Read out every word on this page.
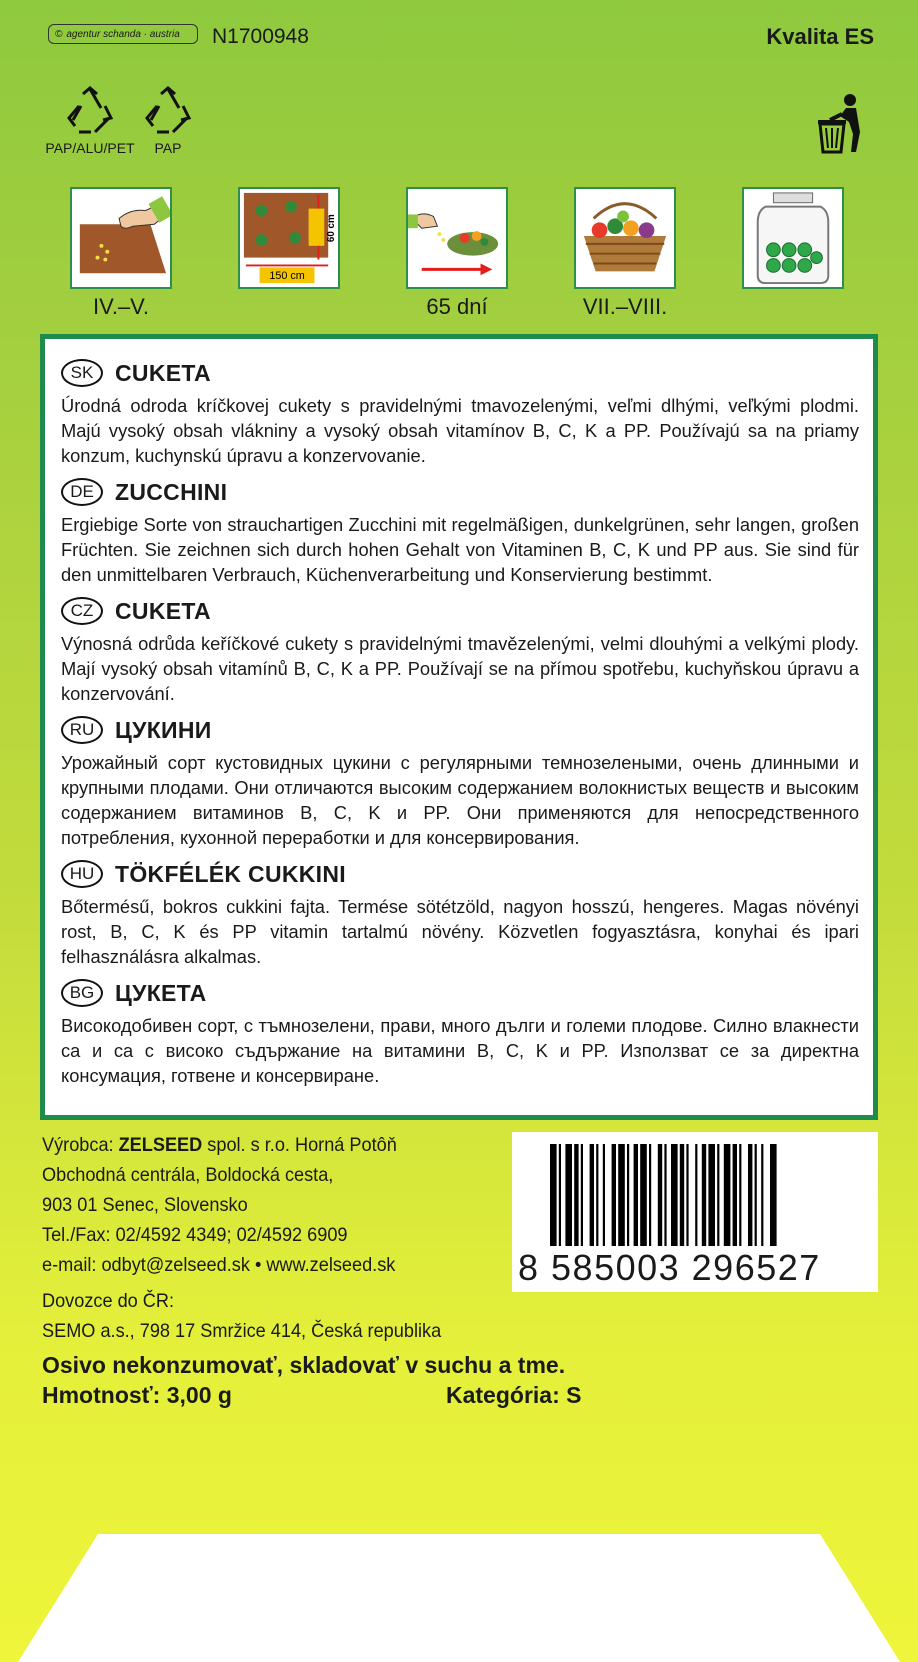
© agentur schanda · austria N1700948	Kvalita ES
PAP/ALU/PET	PAP
60 cm
150 cm
IV.–V.	65 dní	VII.–VIII.
SK CUKETA

Úrodná odroda kríčkovej cukety s pravidelnými tmavozelenými, veľmi dlhými, veľkými plodmi. Majú vysoký obsah vlákniny a vysoký obsah vitamínov B, C, K a PP. Používajú sa na priamy konzum, kuchynskú úpravu a konzervovanie.

DE ZUCCHINI

Ergiebige Sorte von strauchartigen Zucchini mit regelmäßigen, dunkelgrünen, sehr langen, großen Früchten. Sie zeichnen sich durch hohen Gehalt von Vitaminen B, C, K und PP aus. Sie sind für den unmittelbaren Verbrauch, Küchenverarbeitung und Konservierung bestimmt.

CZ CUKETA

Výnosná odrůda keříčkové cukety s pravidelnými tmavězelenými, velmi dlouhými a velkými plody. Mají vysoký obsah vitamínů B, C, K a PP. Používají se na přímou spotřebu, kuchyňskou úpravu a konzervování.

RU ЦУКИНИ

Урожайный сорт кустовидных цукини с регулярными темнозелеными, очень длинными и крупными плодами. Они отличаются высоким содержанием волокнистых веществ и высоким содержанием витаминов B, C, K и PP. Они применяются для непосредственного потребления, кухонной переработки и для консервирования.

HU TÖKFÉLÉK CUKKINI

Bőtermésű, bokros cukkini fajta. Termése sötétzöld, nagyon hosszú, hengeres. Magas növényi rost, B, C, K és PP vitamin tartalmú növény. Közvetlen fogyasztásra, konyhai és ipari felhasználásra alkalmas.

BG ЦУКЕТА

Високодобивен сорт, с тъмнозелени, прави, много дълги и големи плодове. Силно влакнести са и са с високо съдържание на витамини B, C, K и PP. Използват се за директна консумация, готвене и консервиране.

Výrobca: ZELSEED spol. s r.o. Horná Potôň
Obchodná centrála, Boldocká cesta,
903 01 Senec, Slovensko
Tel./Fax: 02/4592 4349; 02/4592 6909
e-mail: odbyt@zelseed.sk • www.zelseed.sk
Dovozce do ČR:
SEMO a.s., 798 17 Smržice 414, Česká republika
8 585003 296527
Osivo nekonzumovať, skladovať v suchu a tme.
Hmotnosť: 3,00 g	Kategória: S
